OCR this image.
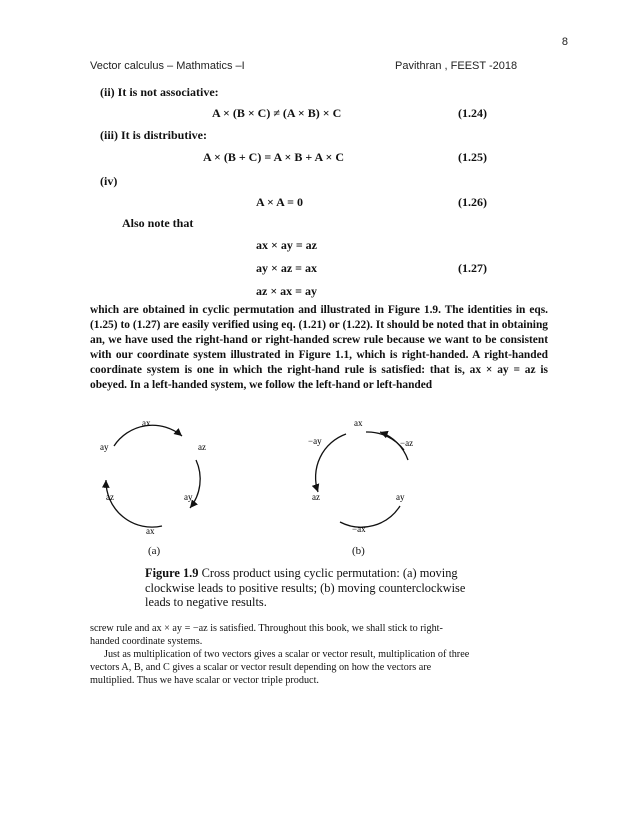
8
Vector calculus – Mathmatics –I	Pavithran , FEEST -2018
(ii) It is not associative:
A × (B × C) ≠ (A × B) × C	(1.24)
(iii) It is distributive:
A × (B + C) = A × B + A × C	(1.25)
(iv)
A × A = 0	(1.26)
Also note that
ax × ay = az
ay × az = ax	(1.27)
az × ax = ay

which are obtained in cyclic permutation and illustrated in Figure 1.9. The identities in eqs. (1.25) to (1.27) are easily verified using eq. (1.21) or (1.22). It should be noted that in obtaining an, we have used the right-hand or right-handed screw rule because we want to be consistent with our coordinate system illustrated in Figure 1.1, which is right-handed. A right-handed coordinate system is one in which the right-hand rule is satisfied: that is, ax × ay = az is obeyed. In a left-handed system, we follow the left-hand or left-handed

ax
ay	az
az	ay
ax
(a)
ax
−ay	−az
az	ay
−ax
(b)
Figure 1.9 Cross product using cyclic permutation: (a) moving clockwise leads to positive results; (b) moving counterclockwise leads to negative results.

screw rule and ax × ay = −az is satisfied. Throughout this book, we shall stick to right-handed coordinate systems.

Just as multiplication of two vectors gives a scalar or vector result, multiplication of three vectors A, B, and C gives a scalar or vector result depending on how the vectors are multiplied. Thus we have scalar or vector triple product.
